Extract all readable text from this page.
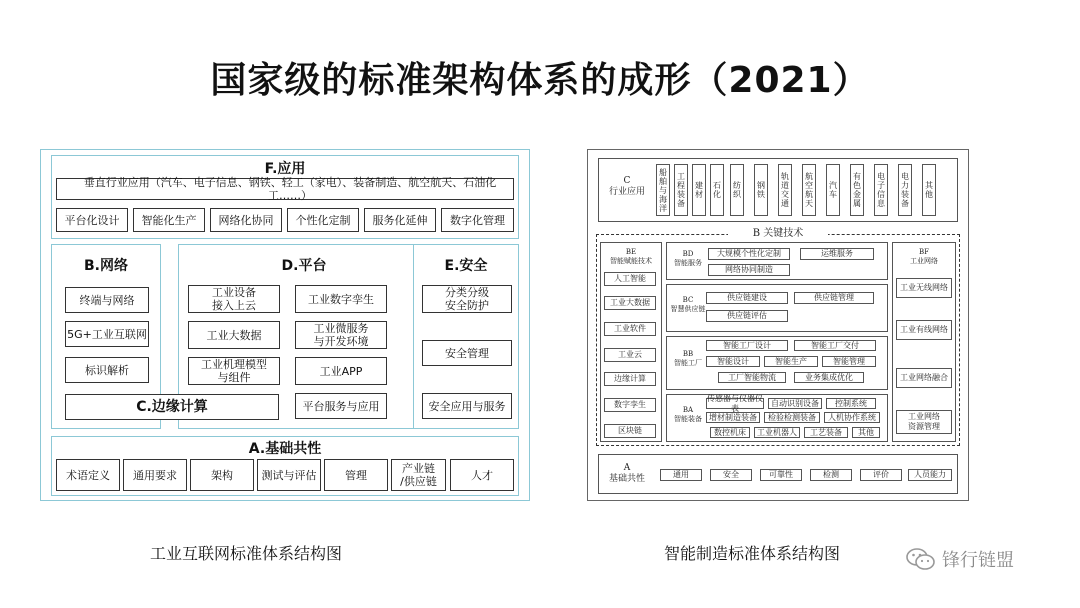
国家级的标准架构体系的成形（2021）
F.应用
垂直行业应用（汽车、电子信息、钢铁、轻工（家电）、装备制造、航空航天、石油化工……）
平台化设计	智能化生产	网络化协同	个性化定制	服务化延伸	数字化管理
B.网络
终端与网络
5G+工业互联网
标识解析
D.平台
工业设备
接入上云	工业数字孪生
工业大数据	工业微服务
与开发环境
工业机理模型
与组件	工业APP
平台服务与应用
C.边缘计算
E.安全
分类分级
安全防护
安全管理
安全应用与服务
A.基础共性
术语定义	通用要求	架构	测试与评估	管理	产业链
/供应链	人才
工业互联网标准体系结构图
C
行业应用
船
舶
与
海
洋
工
程
装
备
建
材
石
化
纺
织
钢
铁
轨
道
交
通
航
空
航
天
汽
车
有
色
金
属
电
子
信
息
电
力
装
备
其
他
B 关键技术
BE
智能赋能技术
人工智能
工业大数据
工业软件
工业云
边缘计算
数字孪生
区块链
BD
智能服务
大规模个性化定制	运维服务
网络协同制造
BC
智慧供应链
供应链建设	供应链管理
供应链评估
BB
智能工厂
智能工厂设计	智能工厂交付
智能设计	智能生产	智能管理
工厂智能物流	业务集成优化
BA
智能装备
传感器与仪器仪表
自动识别设备	控制系统
增材制造装备	检验检测装备	人机协作系统
数控机床	工业机器人	工艺装备	其他
BF
工业网络
工业无线网络
工业有线网络
工业网络融合
工业网络
资源管理
A
基础共性	通用	安全	可靠性	检测	评价	人员能力
智能制造标准体系结构图	锋行链盟
